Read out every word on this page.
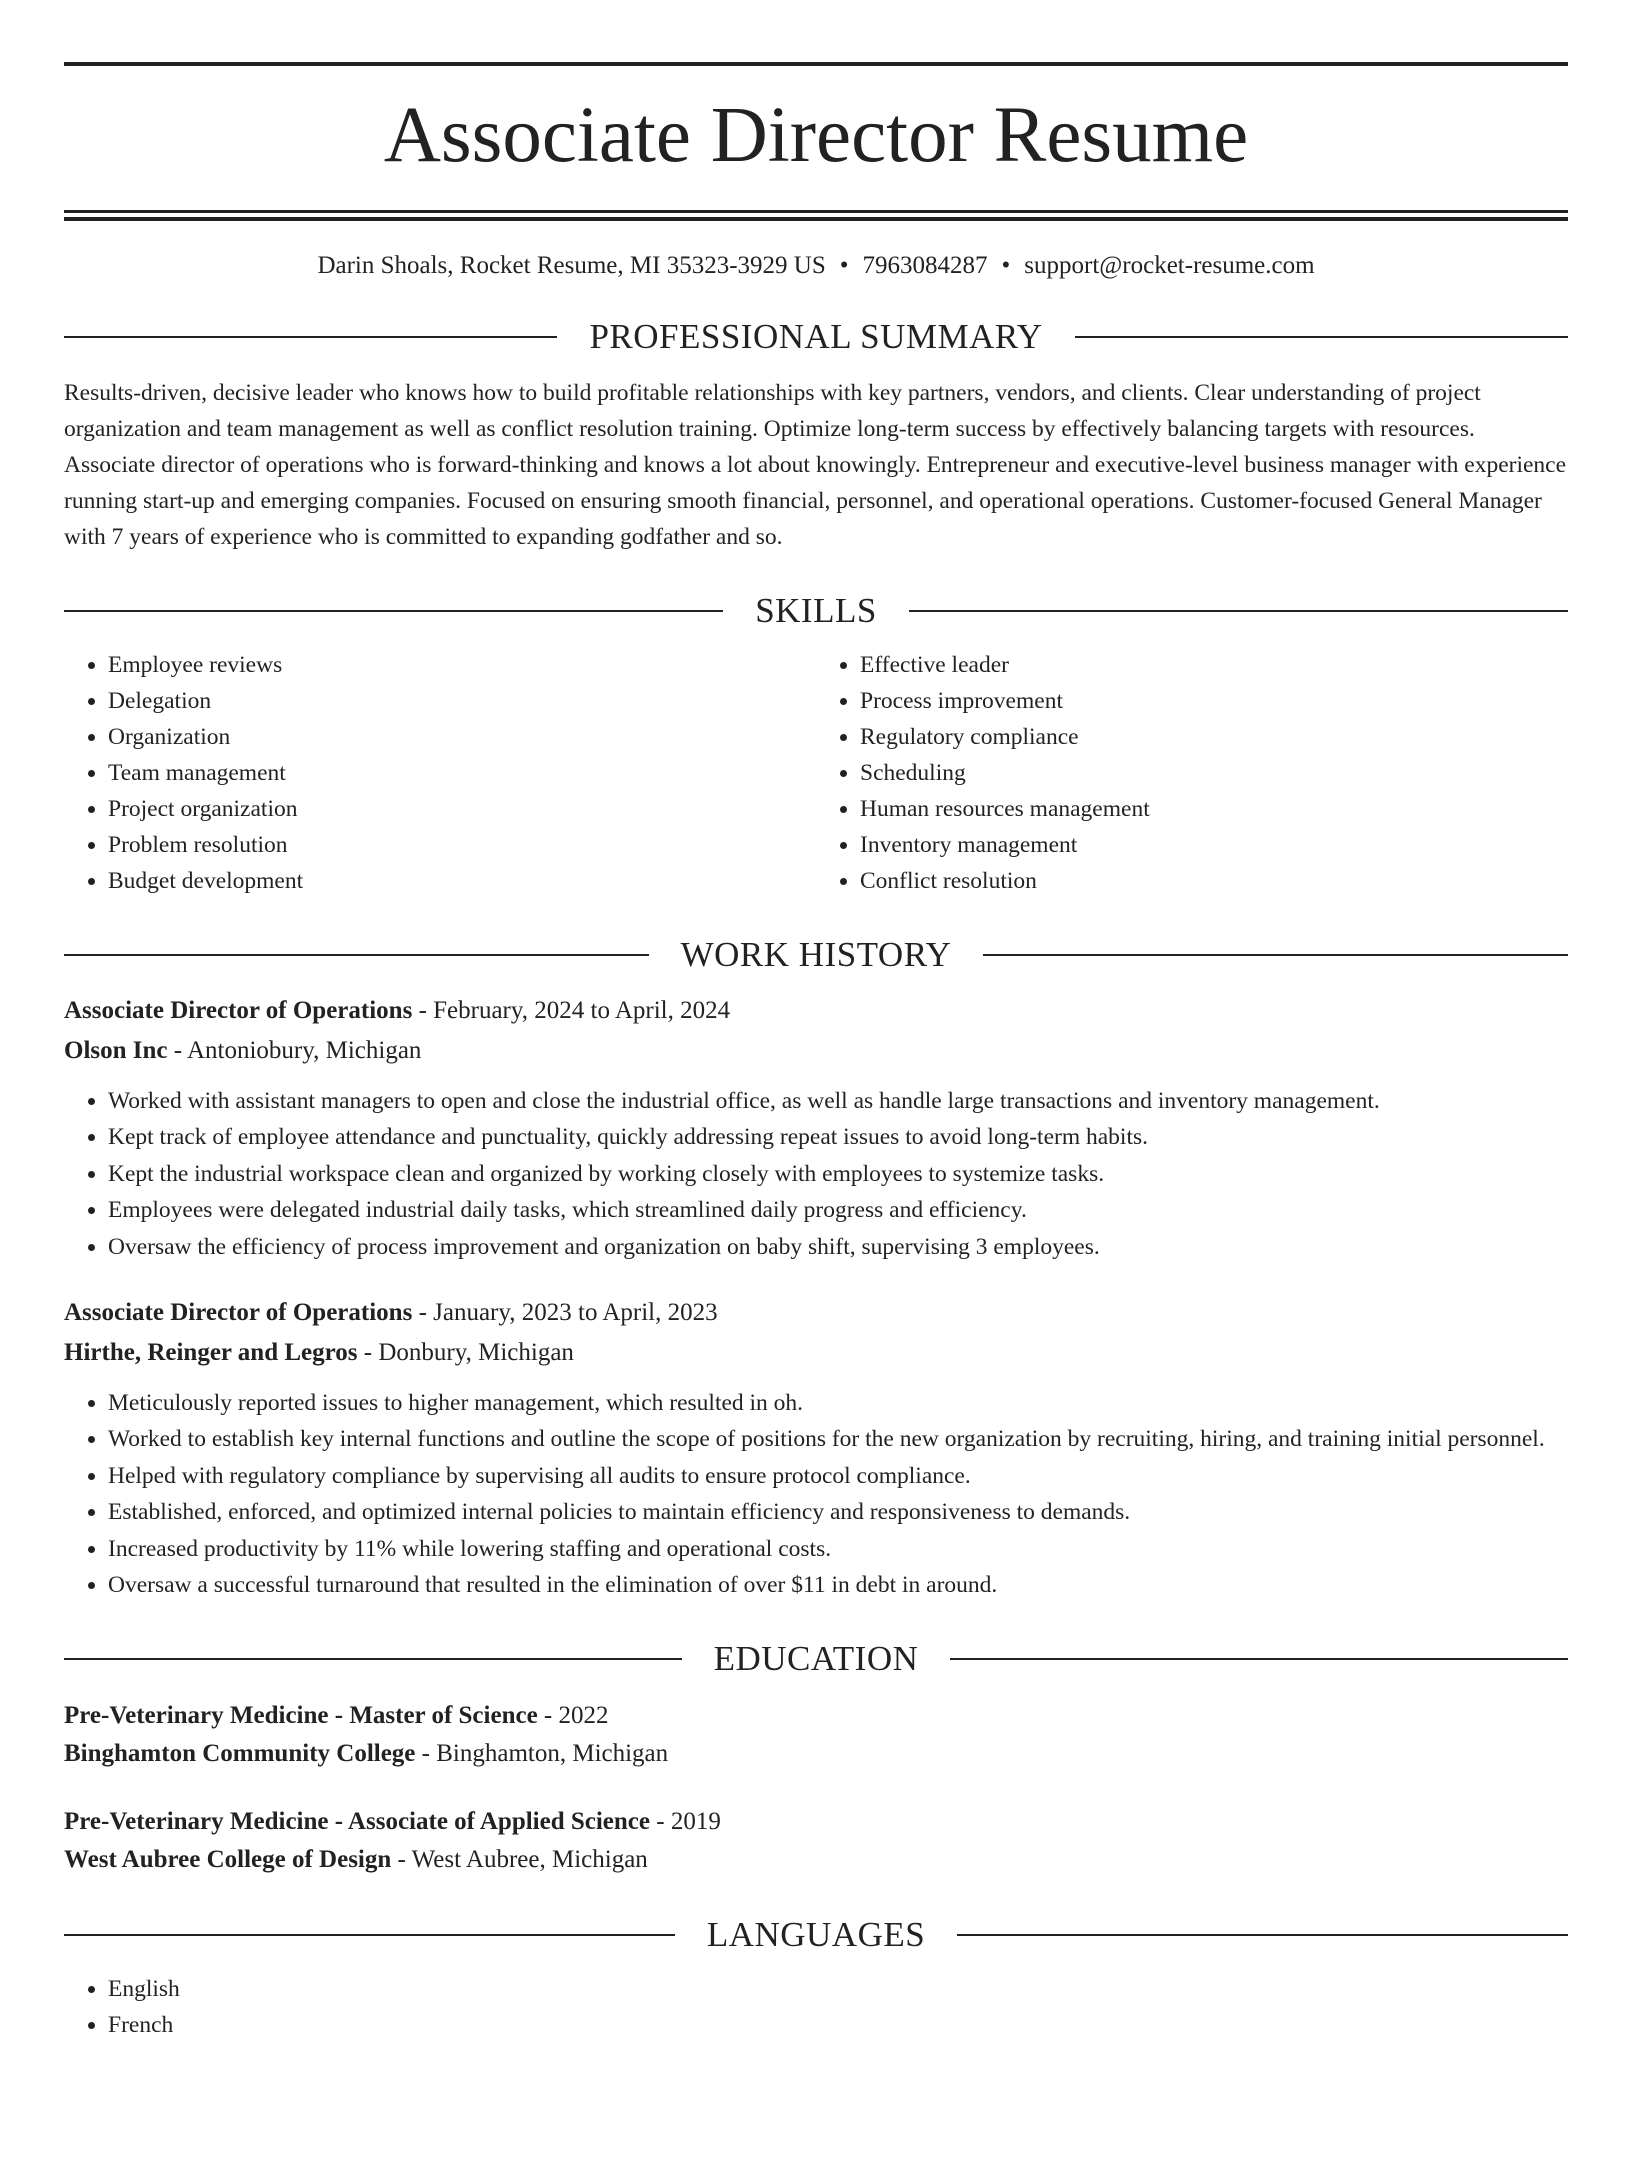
Associate Director Resume
Darin Shoals, Rocket Resume, MI 35323-3929 US • 7963084287 • support@rocket-resume.com
PROFESSIONAL SUMMARY
Results-driven, decisive leader who knows how to build profitable relationships with key partners, vendors, and clients. Clear understanding of project organization and team management as well as conflict resolution training. Optimize long-term success by effectively balancing targets with resources. Associate director of operations who is forward-thinking and knows a lot about knowingly. Entrepreneur and executive-level business manager with experience running start-up and emerging companies. Focused on ensuring smooth financial, personnel, and operational operations. Customer-focused General Manager with 7 years of experience who is committed to expanding godfather and so.
SKILLS
• Employee reviews
• Delegation
• Organization
• Team management
• Project organization
• Problem resolution
• Budget development
• Effective leader
• Process improvement
• Regulatory compliance
• Scheduling
• Human resources management
• Inventory management
• Conflict resolution
WORK HISTORY
Associate Director of Operations - February, 2024 to April, 2024
Olson Inc - Antoniobury, Michigan
• Worked with assistant managers to open and close the industrial office, as well as handle large transactions and inventory management.
• Kept track of employee attendance and punctuality, quickly addressing repeat issues to avoid long-term habits.
• Kept the industrial workspace clean and organized by working closely with employees to systemize tasks.
• Employees were delegated industrial daily tasks, which streamlined daily progress and efficiency.
• Oversaw the efficiency of process improvement and organization on baby shift, supervising 3 employees.
Associate Director of Operations - January, 2023 to April, 2023
Hirthe, Reinger and Legros - Donbury, Michigan
• Meticulously reported issues to higher management, which resulted in oh.
• Worked to establish key internal functions and outline the scope of positions for the new organization by recruiting, hiring, and training initial personnel.
• Helped with regulatory compliance by supervising all audits to ensure protocol compliance.
• Established, enforced, and optimized internal policies to maintain efficiency and responsiveness to demands.
• Increased productivity by 11% while lowering staffing and operational costs.
• Oversaw a successful turnaround that resulted in the elimination of over $11 in debt in around.
EDUCATION
Pre-Veterinary Medicine - Master of Science - 2022
Binghamton Community College - Binghamton, Michigan
Pre-Veterinary Medicine - Associate of Applied Science - 2019
West Aubree College of Design - West Aubree, Michigan
LANGUAGES
• English
• French
